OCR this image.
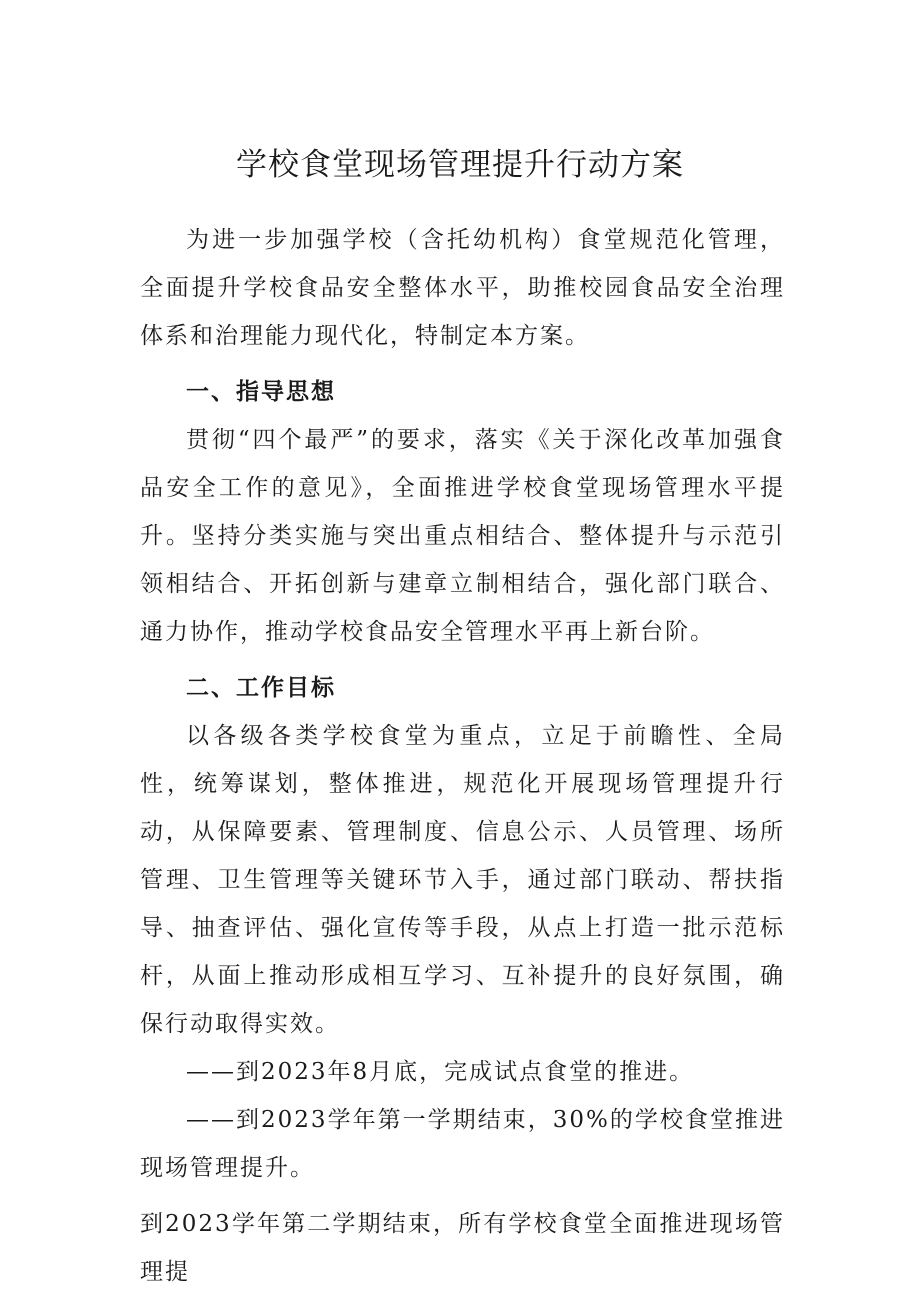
学校食堂现场管理提升行动方案

为进一步加强学校（含托幼机构）食堂规范化管理，全面提升学校食品安全整体水平，助推校园食品安全治理体系和治理能力现代化，特制定本方案。

一、指导思想

贯彻“四个最严”的要求，落实《关于深化改革加强食品安全工作的意见》，全面推进学校食堂现场管理水平提升。坚持分类实施与突出重点相结合、整体提升与示范引领相结合、开拓创新与建章立制相结合，强化部门联合、通力协作，推动学校食品安全管理水平再上新台阶。

二、工作目标

以各级各类学校食堂为重点，立足于前瞻性、全局性，统筹谋划，整体推进，规范化开展现场管理提升行动，从保障要素、管理制度、信息公示、人员管理、场所管理、卫生管理等关键环节入手，通过部门联动、帮扶指导、抽查评估、强化宣传等手段，从点上打造一批示范标杆，从面上推动形成相互学习、互补提升的良好氛围，确保行动取得实效。

——到2023年8月底，完成试点食堂的推进。

——到2023学年第一学期结束，30%的学校食堂推进现场管理提升。

到2023学年第二学期结束，所有学校食堂全面推进现场管理提
